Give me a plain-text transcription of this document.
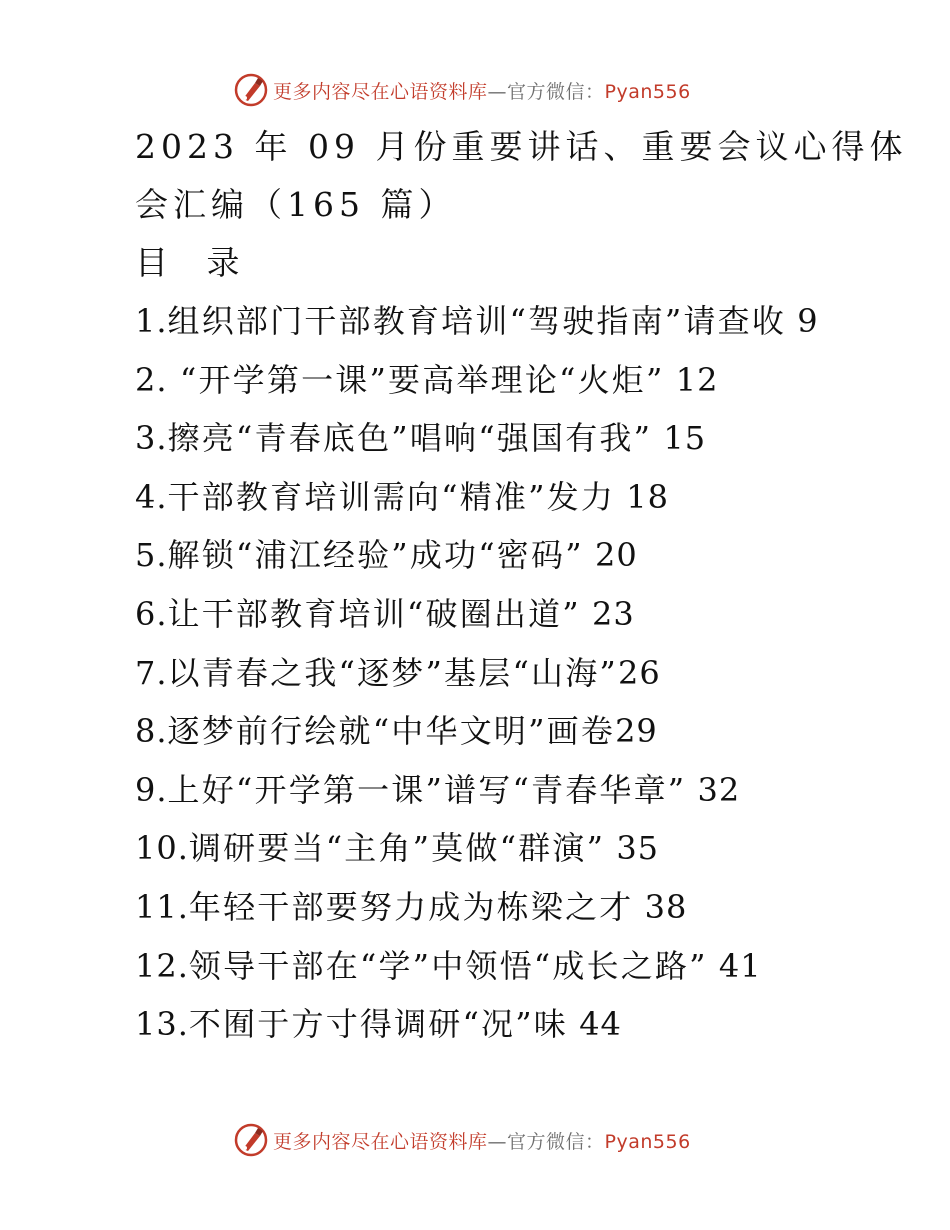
更多内容尽在心语资料库—官方微信：Pyan556
2023 年 09 月份重要讲话、重要会议心得体
会汇编（165 篇）
目 录
1.组织部门干部教育培训“驾驶指南”请查收 9
2. “开学第一课”要高举理论“火炬” 12
3.擦亮“青春底色”唱响“强国有我” 15
4.干部教育培训需向“精准”发力 18
5.解锁“浦江经验”成功“密码” 20
6.让干部教育培训“破圈出道” 23
7.以青春之我“逐梦”基层“山海”26
8.逐梦前行绘就“中华文明”画卷29
9.上好“开学第一课”谱写“青春华章” 32
10.调研要当“主角”莫做“群演” 35
11.年轻干部要努力成为栋梁之才 38
12.领导干部在“学”中领悟“成长之路” 41
13.不囿于方寸得调研“况”味 44
更多内容尽在心语资料库—官方微信：Pyan556
